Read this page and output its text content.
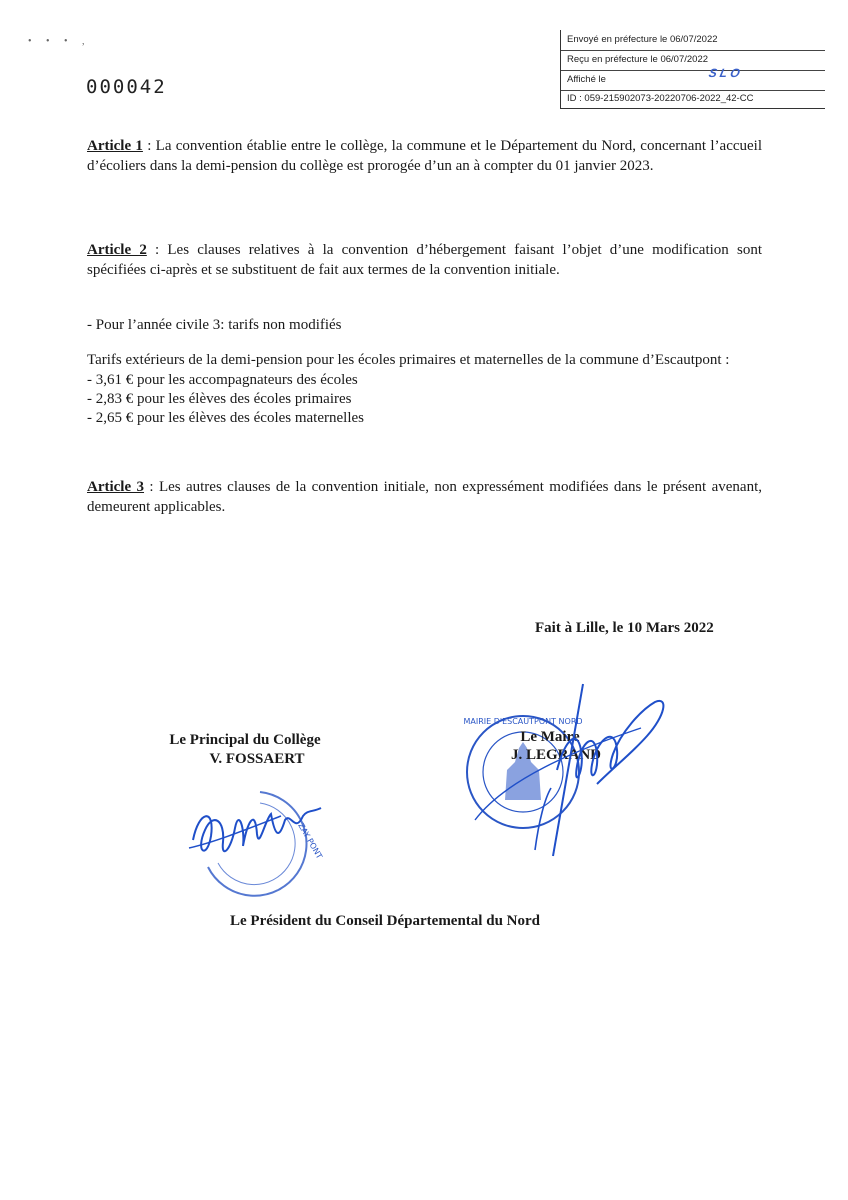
• • • ,
000042
Envoyé en préfecture le 06/07/2022
Reçu en préfecture le 06/07/2022
Affiché le	SLO
ID : 059-215902073-20220706-2022_42-CC
Article 1 : La convention établie entre le collège, la commune et le Département du Nord, concernant l’accueil d’écoliers dans la demi-pension du collège est prorogée d’un an à compter du 01 janvier 2023.
Article 2 : Les clauses relatives à la convention d’hébergement faisant l’objet d’une modification sont spécifiées ci-après et se substituent de fait aux termes de la convention initiale.
- Pour l’année civile 3: tarifs non modifiés
Tarifs extérieurs de la demi-pension pour les écoles primaires et maternelles de la commune d’Escautpont :
- 3,61 € pour les accompagnateurs des écoles
- 2,83 € pour les élèves des écoles primaires
- 2,65 € pour les élèves des écoles maternelles
Article 3 : Les autres clauses de la convention initiale, non expressément modifiées dans le présent avenant, demeurent applicables.
Fait à Lille, le 10 Mars 2022
ZAY PONT
Le Principal du Collège
V. FOSSAERT
MAIRIE D'ESCAUTPONT NORD
Le Maire
J. LEGRAND
Le Président du Conseil Départemental du Nord
